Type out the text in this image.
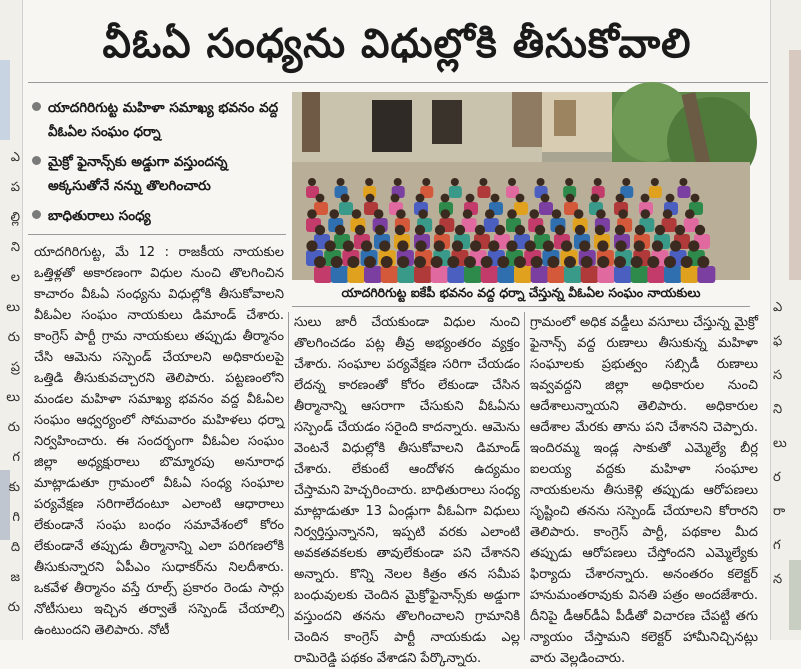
ఎ
ప
ల్లి
ని
ల
లు
రు
ప్ర
లు
రు
గ
కు
గి
ది
జ
రు
ఎ
ఫ
స
ని
లు
ర
రా
గ
న
వీఓఏ సంధ్యను విధుల్లోకి తీసుకోవాలి
యాదగిరిగుట్ట మహిళా సమాఖ్య భవనం వద్ద వీఓఏల సంఘం ధర్నా
మైక్రో ఫైనాన్స్‌కు అడ్డుగా వస్తుందన్న అక్కసుతోనే నన్ను తొలగించారు
బాధితురాలు సంధ్య
యాదగిరిగుట్ట ఐకేపీ భవనం వద్ద ధర్నా చేస్తున్న వీఓఏల సంఘం నాయకులు
యాదగిరిగుట్ట, మే 12 : రాజకీయ నాయకుల ఒత్తిళ్లతో అకారణంగా విధుల నుంచి తొలగించిన కాచారం వీఓఏ సంధ్యను విధుల్లోకి తీసుకోవాలని వీఓఏల సంఘం నాయకులు డిమాండ్‌ చేశారు. కాంగ్రెస్‌ పార్టీ గ్రామ నాయకులు తప్పుడు తీర్మానం చేసి ఆమెను సస్పెండ్‌ చేయాలని అధికారులపై ఒత్తిడి తీసుకువచ్చారని తెలిపారు. పట్టణంలోని మండల మహిళా సమాఖ్య భవనం వద్ద వీఓఏల సంఘం ఆధ్వర్యంలో సోమవారం మహిళలు ధర్నా నిర్వహించారు. ఈ సందర్భంగా వీఓఏల సంఘం జిల్లా అధ్యక్షురాలు బొమ్మారపు అనూరాధ మాట్లాడుతూ గ్రామంలో వీఓఏ సంధ్య సంఘాల పర్యవేక్షణ సరిగాలేదంటూ ఎలాంటి ఆధారాలు లేకుండానే సంఘ బంధం సమావేశంలో కోరం లేకుండానే తప్పుడు తీర్మానాన్ని ఎలా పరిగణలోకి తీసుకున్నారని ఏపీఎం సుధాకర్‌ను నిలదీశారు. ఒకవేళ తీర్మానం వస్తే రూల్స్‌ ప్రకారం రెండు సార్లు నోటీసులు ఇచ్చిన తర్వాతే సస్పెండ్‌ చేయాల్సి ఉంటుందని తెలిపారు. నోటీ
సులు జారీ చేయకుండా విధుల నుంచి తొలగించడం పట్ల తీవ్ర అభ్యంతరం వ్యక్తం చేశారు. సంఘాల పర్యవేక్షణ సరిగా చేయడం లేదన్న కారణంతో కోరం లేకుండా చేసిన తీర్మానాన్ని ఆసరాగా చేసుకుని వీఓఏను సస్పెండ్‌ చేయడం సరైంది కాదన్నారు. ఆమెను వెంటనే విధుల్లోకి తీసుకోవాలని డిమాండ్‌ చేశారు. లేకుంటే ఆందోళన ఉద్యమం చేస్తామని హెచ్చరించారు. బాధితురాలు సంధ్య మాట్లాడుతూ 13 ఏండ్లుగా వీఓఏగా విధులు నిర్వర్తిస్తున్నానని, ఇప్పటి వరకు ఎలాంటి అవకతవకలకు తావులేకుండా పని చేశానని అన్నారు. కొన్ని నెలల కిత్రం తన సమీప బంధువులకు చెందిన మైక్రోఫైనాన్స్‌కు అడ్డుగా వస్తుందని తనను తొలగించాలని గ్రామానికి చెందిన కాంగ్రెస్‌ పార్టీ నాయకుడు ఎల్ల రామిరెడ్డి పథకం వేశాడని పేర్కొన్నారు.
గ్రామంలో అధిక వడ్డీలు వసూలు చేస్తున్న మైక్రో ఫైనాన్స్‌ వద్ద రుణాలు తీసుకున్న మహిళా సంఘాలకు ప్రభుత్వం సబ్సిడీ రుణాలు ఇవ్వవద్దని జిల్లా అధికారుల నుంచి ఆదేశాలున్నాయని తెలిపారు. అధికారుల ఆదేశాల మేరకు తాను పని చేశానని చెప్పారు. ఇందిరమ్మ ఇండ్ల సాకుతో ఎమ్మెల్యే బీర్ల ఐలయ్య వద్దకు మహిళా సంఘాల నాయకులను తీసుకెళ్లి తప్పుడు ఆరోపణలు సృష్టించి తనను సస్పెండ్‌ చేయాలని కోరారని తెలిపారు. కాంగ్రెస్‌ పార్టీ, పథకాల మీద తప్పుడు ఆరోపణలు చేస్తోందని ఎమ్మెల్యేకు ఫిర్యాదు చేశారన్నారు. అనంతరం కలెక్టర్‌ హనుమంతరావుకు వినతి పత్రం అందజేశారు. దీనిపై డీఆర్‌డీఏ పీడీతో విచారణ చేపట్టి తగు న్యాయం చేస్తామని కలెక్టర్‌ హామీనిచ్చినట్లు వారు వెల్లడించారు.
